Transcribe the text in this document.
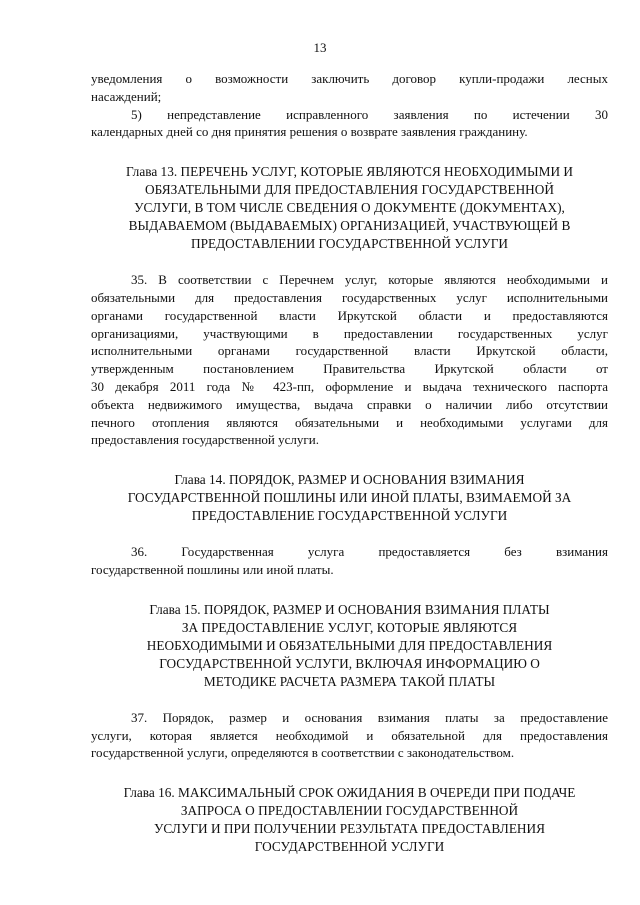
13

уведомления о возможности заключить договор купли-продажи лесных
насаждений;

5) непредставление исправленного заявления по истечении 30
календарных дней со дня принятия решения о возврате заявления гражданину.

Глава 13. ПЕРЕЧЕНЬ УСЛУГ, КОТОРЫЕ ЯВЛЯЮТСЯ НЕОБХОДИМЫМИ И
ОБЯЗАТЕЛЬНЫМИ ДЛЯ ПРЕДОСТАВЛЕНИЯ ГОСУДАРСТВЕННОЙ
УСЛУГИ, В ТОМ ЧИСЛЕ СВЕДЕНИЯ О ДОКУМЕНТЕ (ДОКУМЕНТАХ),
ВЫДАВАЕМОМ (ВЫДАВАЕМЫХ) ОРГАНИЗАЦИЕЙ, УЧАСТВУЮЩЕЙ В
ПРЕДОСТАВЛЕНИИ ГОСУДАРСТВЕННОЙ УСЛУГИ

35. В соответствии с Перечнем услуг, которые являются необходимыми и
обязательными для предоставления государственных услуг исполнительными
органами государственной власти Иркутской области и предоставляются
организациями, участвующими в предоставлении государственных услуг
исполнительными органами государственной власти Иркутской области,
утвержденным постановлением Правительства Иркутской области от
30 декабря 2011 года № 423-пп, оформление и выдача технического паспорта
объекта недвижимого имущества, выдача справки о наличии либо отсутствии
печного отопления являются обязательными и необходимыми услугами для
предоставления государственной услуги.

Глава 14. ПОРЯДОК, РАЗМЕР И ОСНОВАНИЯ ВЗИМАНИЯ
ГОСУДАРСТВЕННОЙ ПОШЛИНЫ ИЛИ ИНОЙ ПЛАТЫ, ВЗИМАЕМОЙ ЗА
ПРЕДОСТАВЛЕНИЕ ГОСУДАРСТВЕННОЙ УСЛУГИ

36. Государственная услуга предоставляется без взимания
государственной пошлины или иной платы.

Глава 15. ПОРЯДОК, РАЗМЕР И ОСНОВАНИЯ ВЗИМАНИЯ ПЛАТЫ
ЗА ПРЕДОСТАВЛЕНИЕ УСЛУГ, КОТОРЫЕ ЯВЛЯЮТСЯ
НЕОБХОДИМЫМИ И ОБЯЗАТЕЛЬНЫМИ ДЛЯ ПРЕДОСТАВЛЕНИЯ
ГОСУДАРСТВЕННОЙ УСЛУГИ, ВКЛЮЧАЯ ИНФОРМАЦИЮ О
МЕТОДИКЕ РАСЧЕТА РАЗМЕРА ТАКОЙ ПЛАТЫ

37. Порядок, размер и основания взимания платы за предоставление
услуги, которая является необходимой и обязательной для предоставления
государственной услуги, определяются в соответствии с законодательством.

Глава 16. МАКСИМАЛЬНЫЙ СРОК ОЖИДАНИЯ В ОЧЕРЕДИ ПРИ ПОДАЧЕ
ЗАПРОСА О ПРЕДОСТАВЛЕНИИ ГОСУДАРСТВЕННОЙ
УСЛУГИ И ПРИ ПОЛУЧЕНИИ РЕЗУЛЬТАТА ПРЕДОСТАВЛЕНИЯ
ГОСУДАРСТВЕННОЙ УСЛУГИ
